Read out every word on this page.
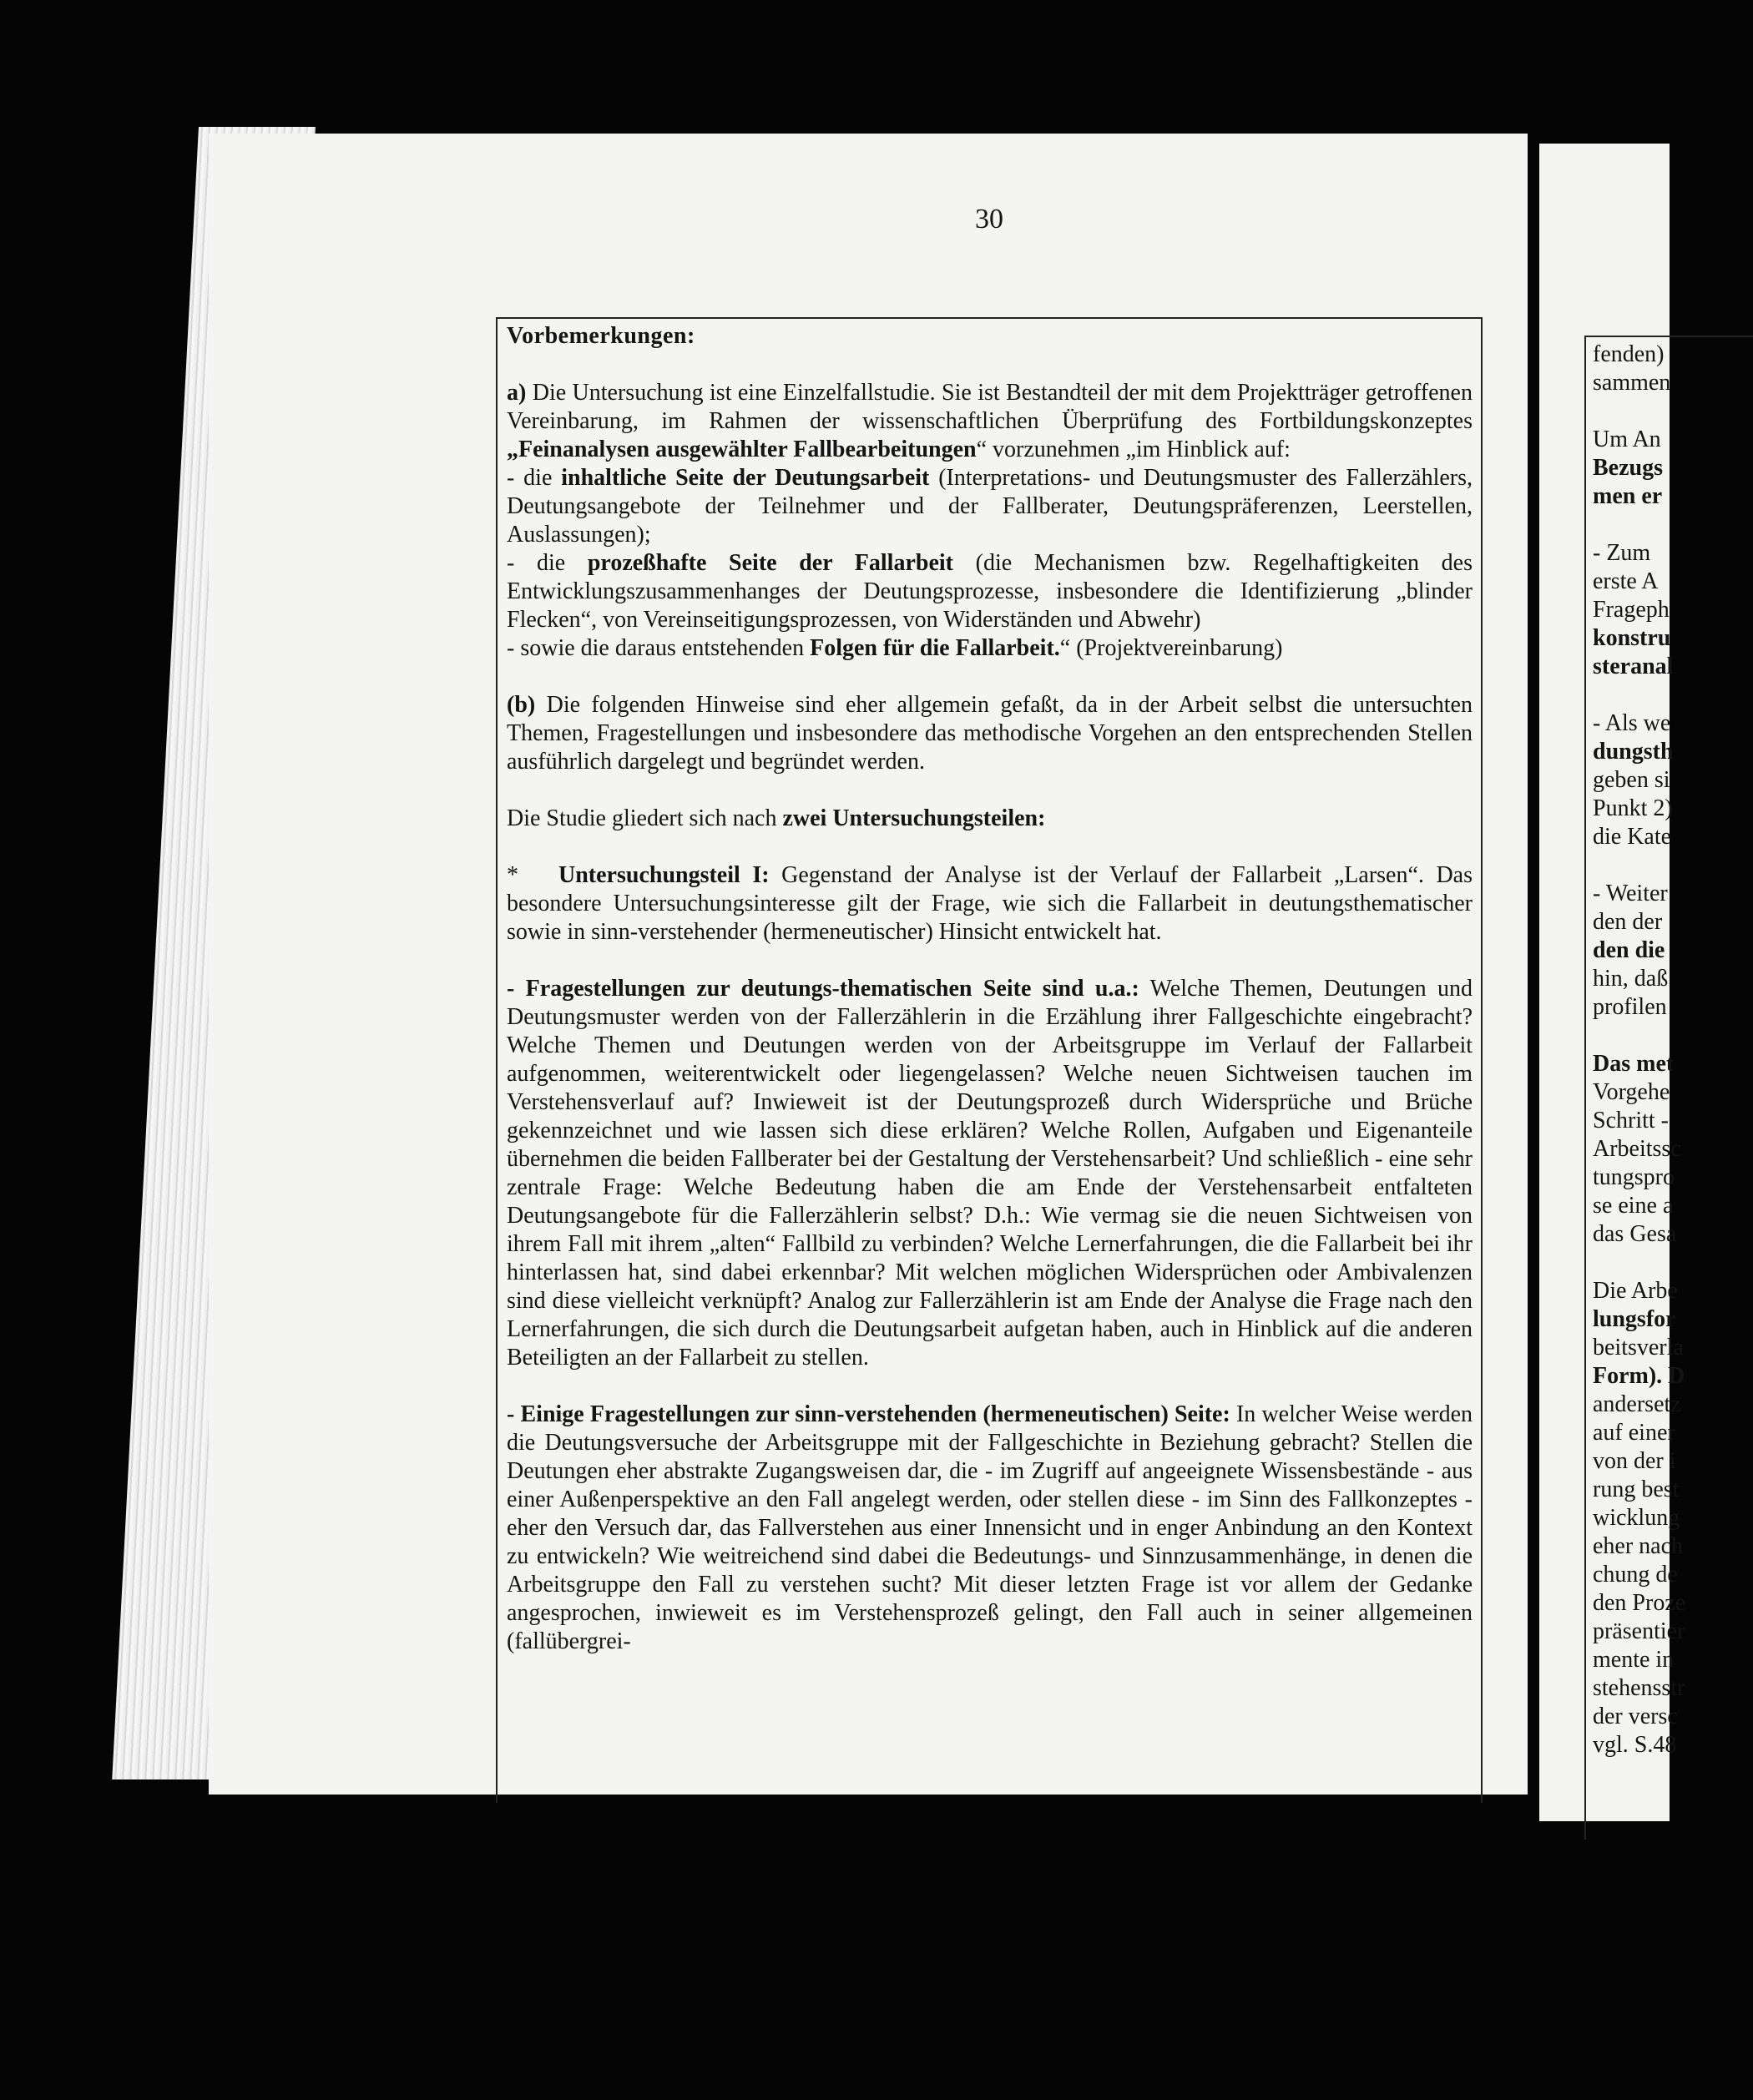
fenden)
sammen
Um An
Bezugs
men er
- Zum
erste A
Frageph
konstru
steranal
- Als we
dungsth
geben si
Punkt 2)
die Kate
- Weiter
den der
den die
hin, daß
profilen
Das met
Vorgehe
Schritt -
Arbeitssc
tungspro
se eine a
das Gesa
Die Arbe
lungsfor
beitsverla
Form). D
andersetz
auf einer
von der i
rung best
wicklung
eher nach
chung de
den Proze
präsentier
mente in
stehensstr
der versc
vgl. S.48
30

Vorbemerkungen:

a) Die Untersuchung ist eine Einzelfallstudie. Sie ist Bestandteil der mit dem Projektträger getroffenen Vereinbarung, im Rahmen der wissenschaftlichen Überprüfung des Fortbildungskonzeptes „Feinanalysen ausgewählter Fallbearbeitungen“ vorzunehmen „im Hinblick auf:
- die inhaltliche Seite der Deutungsarbeit (Interpretations- und Deutungsmuster des Fallerzählers, Deutungsangebote der Teilnehmer und der Fallberater, Deutungspräferenzen, Leerstellen, Auslassungen);
- die prozeßhafte Seite der Fallarbeit (die Mechanismen bzw. Regelhaftigkeiten des Entwicklungszusammenhanges der Deutungsprozesse, insbesondere die Identifizierung „blinder Flecken“, von Vereinseitigungsprozessen, von Widerständen und Abwehr)
- sowie die daraus entstehenden Folgen für die Fallarbeit.“ (Projektvereinbarung)

(b) Die folgenden Hinweise sind eher allgemein gefaßt, da in der Arbeit selbst die untersuchten Themen, Fragestellungen und insbesondere das methodische Vorgehen an den entsprechenden Stellen ausführlich dargelegt und begründet werden.

Die Studie gliedert sich nach zwei Untersuchungsteilen:

* Untersuchungsteil I: Gegenstand der Analyse ist der Verlauf der Fallarbeit „Larsen“. Das besondere Untersuchungsinteresse gilt der Frage, wie sich die Fallarbeit in deutungsthematischer sowie in sinn-verstehender (hermeneutischer) Hinsicht entwickelt hat.

- Fragestellungen zur deutungs-thematischen Seite sind u.a.: Welche Themen, Deutungen und Deutungsmuster werden von der Fallerzählerin in die Erzählung ihrer Fallgeschichte eingebracht? Welche Themen und Deutungen werden von der Arbeitsgruppe im Verlauf der Fallarbeit aufgenommen, weiterentwickelt oder liegengelassen? Welche neuen Sichtweisen tauchen im Verstehensverlauf auf? Inwieweit ist der Deutungsprozeß durch Widersprüche und Brüche gekennzeichnet und wie lassen sich diese erklären? Welche Rollen, Aufgaben und Eigenanteile übernehmen die beiden Fallberater bei der Gestaltung der Verstehensarbeit? Und schließlich - eine sehr zentrale Frage: Welche Bedeutung haben die am Ende der Verstehensarbeit entfalteten Deutungsangebote für die Fallerzählerin selbst? D.h.: Wie vermag sie die neuen Sichtweisen von ihrem Fall mit ihrem „alten“ Fallbild zu verbinden? Welche Lernerfahrungen, die die Fallarbeit bei ihr hinterlassen hat, sind dabei erkennbar? Mit welchen möglichen Widersprüchen oder Ambivalenzen sind diese vielleicht verknüpft? Analog zur Fallerzählerin ist am Ende der Analyse die Frage nach den Lernerfahrungen, die sich durch die Deutungsarbeit aufgetan haben, auch in Hinblick auf die anderen Beteiligten an der Fallarbeit zu stellen.

- Einige Fragestellungen zur sinn-verstehenden (hermeneutischen) Seite: In welcher Weise werden die Deutungsversuche der Arbeitsgruppe mit der Fallgeschichte in Beziehung gebracht? Stellen die Deutungen eher abstrakte Zugangsweisen dar, die - im Zugriff auf angeeignete Wissensbestände - aus einer Außenperspektive an den Fall angelegt werden, oder stellen diese - im Sinn des Fallkonzeptes - eher den Versuch dar, das Fallverstehen aus einer Innensicht und in enger Anbindung an den Kontext zu entwickeln? Wie weitreichend sind dabei die Bedeutungs- und Sinnzusammenhänge, in denen die Arbeitsgruppe den Fall zu verstehen sucht? Mit dieser letzten Frage ist vor allem der Gedanke angesprochen, inwieweit es im Verstehensprozeß gelingt, den Fall auch in seiner allgemeinen (fallübergrei-
